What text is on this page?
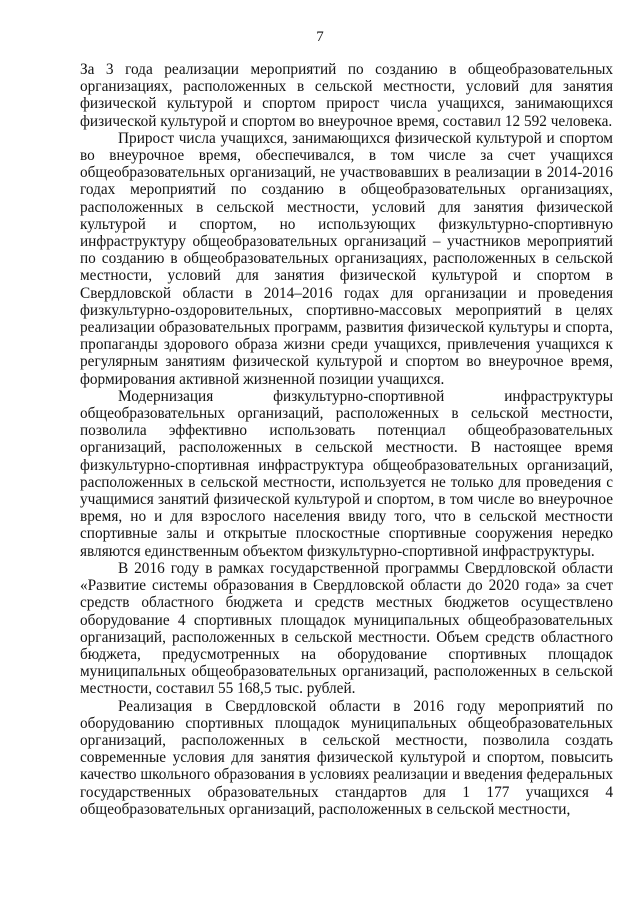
7

За 3 года реализации мероприятий по созданию в общеобразовательных организациях, расположенных в сельской местности, условий для занятия физической культурой и спортом прирост числа учащихся, занимающихся физической культурой и спортом во внеурочное время, составил 12 592 человека.

Прирост числа учащихся, занимающихся физической культурой и спортом во внеурочное время, обеспечивался, в том числе за счет учащихся общеобразовательных организаций, не участвовавших в реализации в 2014-2016 годах мероприятий по созданию в общеобразовательных организациях, расположенных в сельской местности, условий для занятия физической культурой и спортом, но использующих физкультурно-спортивную инфраструктуру общеобразовательных организаций – участников мероприятий по созданию в общеобразовательных организациях, расположенных в сельской местности, условий для занятия физической культурой и спортом в Свердловской области в 2014–2016 годах для организации и проведения физкультурно-оздоровительных, спортивно-массовых мероприятий в целях реализации образовательных программ, развития физической культуры и спорта, пропаганды здорового образа жизни среди учащихся, привлечения учащихся к регулярным занятиям физической культурой и спортом во внеурочное время, формирования активной жизненной позиции учащихся.

Модернизация физкультурно-спортивной инфраструктуры общеобразовательных организаций, расположенных в сельской местности, позволила эффективно использовать потенциал общеобразовательных организаций, расположенных в сельской местности. В настоящее время физкультурно-спортивная инфраструктура общеобразовательных организаций, расположенных в сельской местности, используется не только для проведения с учащимися занятий физической культурой и спортом, в том числе во внеурочное время, но и для взрослого населения ввиду того, что в сельской местности спортивные залы и открытые плоскостные спортивные сооружения нередко являются единственным объектом физкультурно-спортивной инфраструктуры.

В 2016 году в рамках государственной программы Свердловской области «Развитие системы образования в Свердловской области до 2020 года» за счет средств областного бюджета и средств местных бюджетов осуществлено оборудование 4 спортивных площадок муниципальных общеобразовательных организаций, расположенных в сельской местности. Объем средств областного бюджета, предусмотренных на оборудование спортивных площадок муниципальных общеобразовательных организаций, расположенных в сельской местности, составил 55 168,5 тыс. рублей.

Реализация в Свердловской области в 2016 году мероприятий по оборудованию спортивных площадок муниципальных общеобразовательных организаций, расположенных в сельской местности, позволила создать современные условия для занятия физической культурой и спортом, повысить качество школьного образования в условиях реализации и введения федеральных государственных образовательных стандартов для 1 177 учащихся 4 общеобразовательных организаций, расположенных в сельской местности,
